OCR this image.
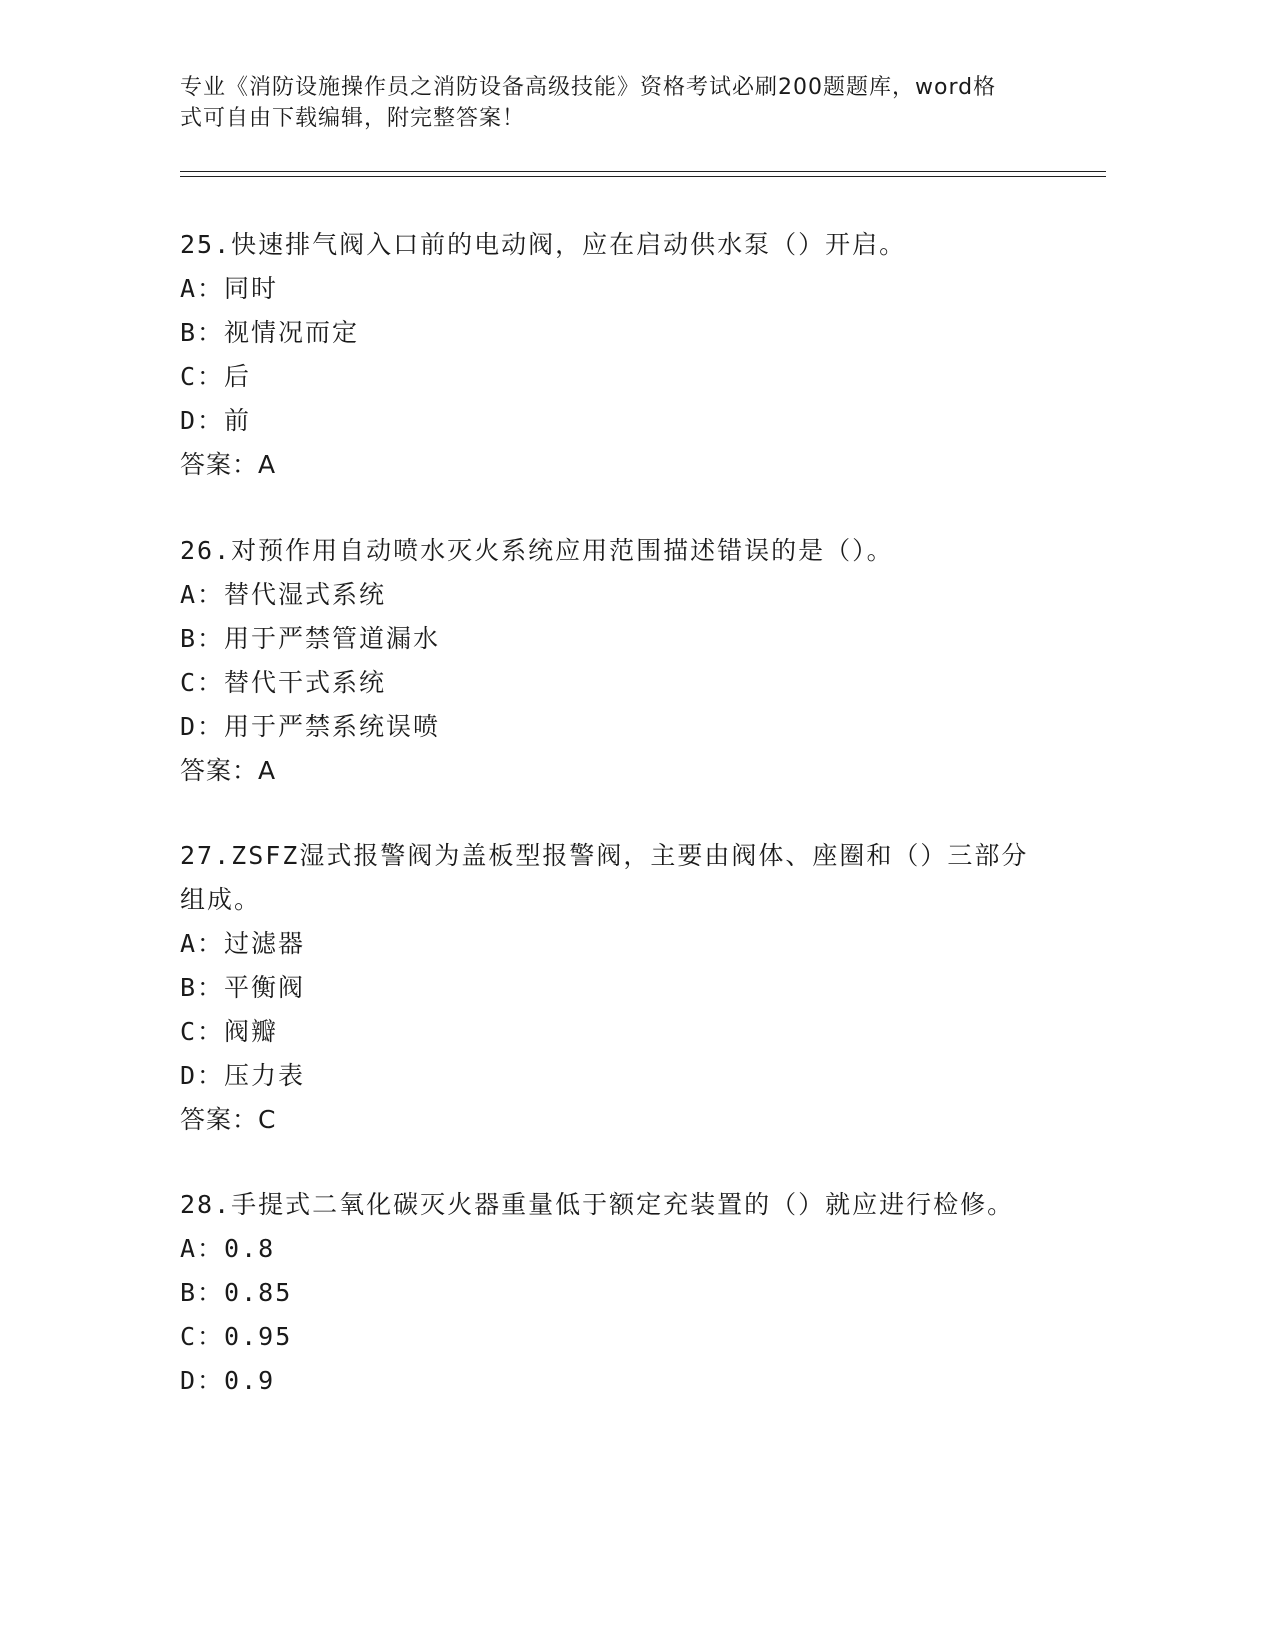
专业《消防设施操作员之消防设备高级技能》资格考试必刷200题题库，word格
式可自由下载编辑，附完整答案！

25.快速排气阀入口前的电动阀，应在启动供水泵（）开启。

A：同时

B：视情况而定

C：后

D：前

答案：A

26.对预作用自动喷水灭火系统应用范围描述错误的是（）。

A：替代湿式系统

B：用于严禁管道漏水

C：替代干式系统

D：用于严禁系统误喷

答案：A

27.ZSFZ湿式报警阀为盖板型报警阀，主要由阀体、座圈和（）三部分

组成。

A：过滤器

B：平衡阀

C：阀瓣

D：压力表

答案：C

28.手提式二氧化碳灭火器重量低于额定充装置的（）就应进行检修。

A：0.8

B：0.85

C：0.95

D：0.9
